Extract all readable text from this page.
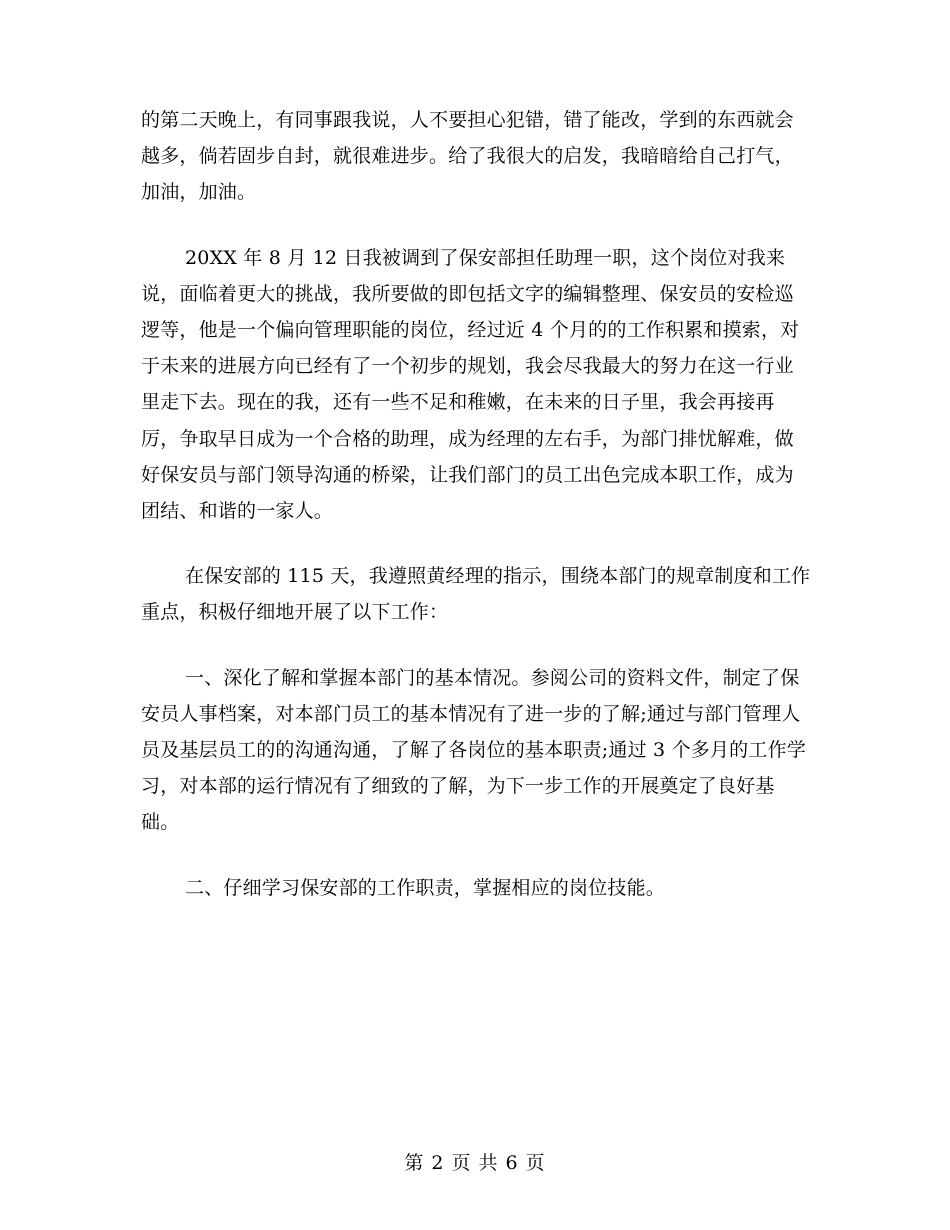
的第二天晚上，有同事跟我说，人不要担心犯错，错了能改，学到的东西就会越多，倘若固步自封，就很难进步。给了我很大的启发，我暗暗给自己打气，加油，加油。

20XX 年 8 月 12 日我被调到了保安部担任助理一职，这个岗位对我来说，面临着更大的挑战，我所要做的即包括文字的编辑整理、保安员的安检巡逻等，他是一个偏向管理职能的岗位，经过近 4 个月的的工作积累和摸索，对于未来的进展方向已经有了一个初步的规划，我会尽我最大的努力在这一行业里走下去。现在的我，还有一些不足和稚嫩，在未来的日子里，我会再接再厉，争取早日成为一个合格的助理，成为经理的左右手，为部门排忧解难，做好保安员与部门领导沟通的桥梁，让我们部门的员工出色完成本职工作，成为团结、和谐的一家人。

在保安部的 115 天，我遵照黄经理的指示，围绕本部门的规章制度和工作重点，积极仔细地开展了以下工作：

一、深化了解和掌握本部门的基本情况。参阅公司的资料文件，制定了保安员人事档案，对本部门员工的基本情况有了进一步的了解;通过与部门管理人员及基层员工的的沟通沟通，了解了各岗位的基本职责;通过 3 个多月的工作学习，对本部的运行情况有了细致的了解，为下一步工作的开展奠定了良好基础。

二、仔细学习保安部的工作职责，掌握相应的岗位技能。

第 2 页 共 6 页
